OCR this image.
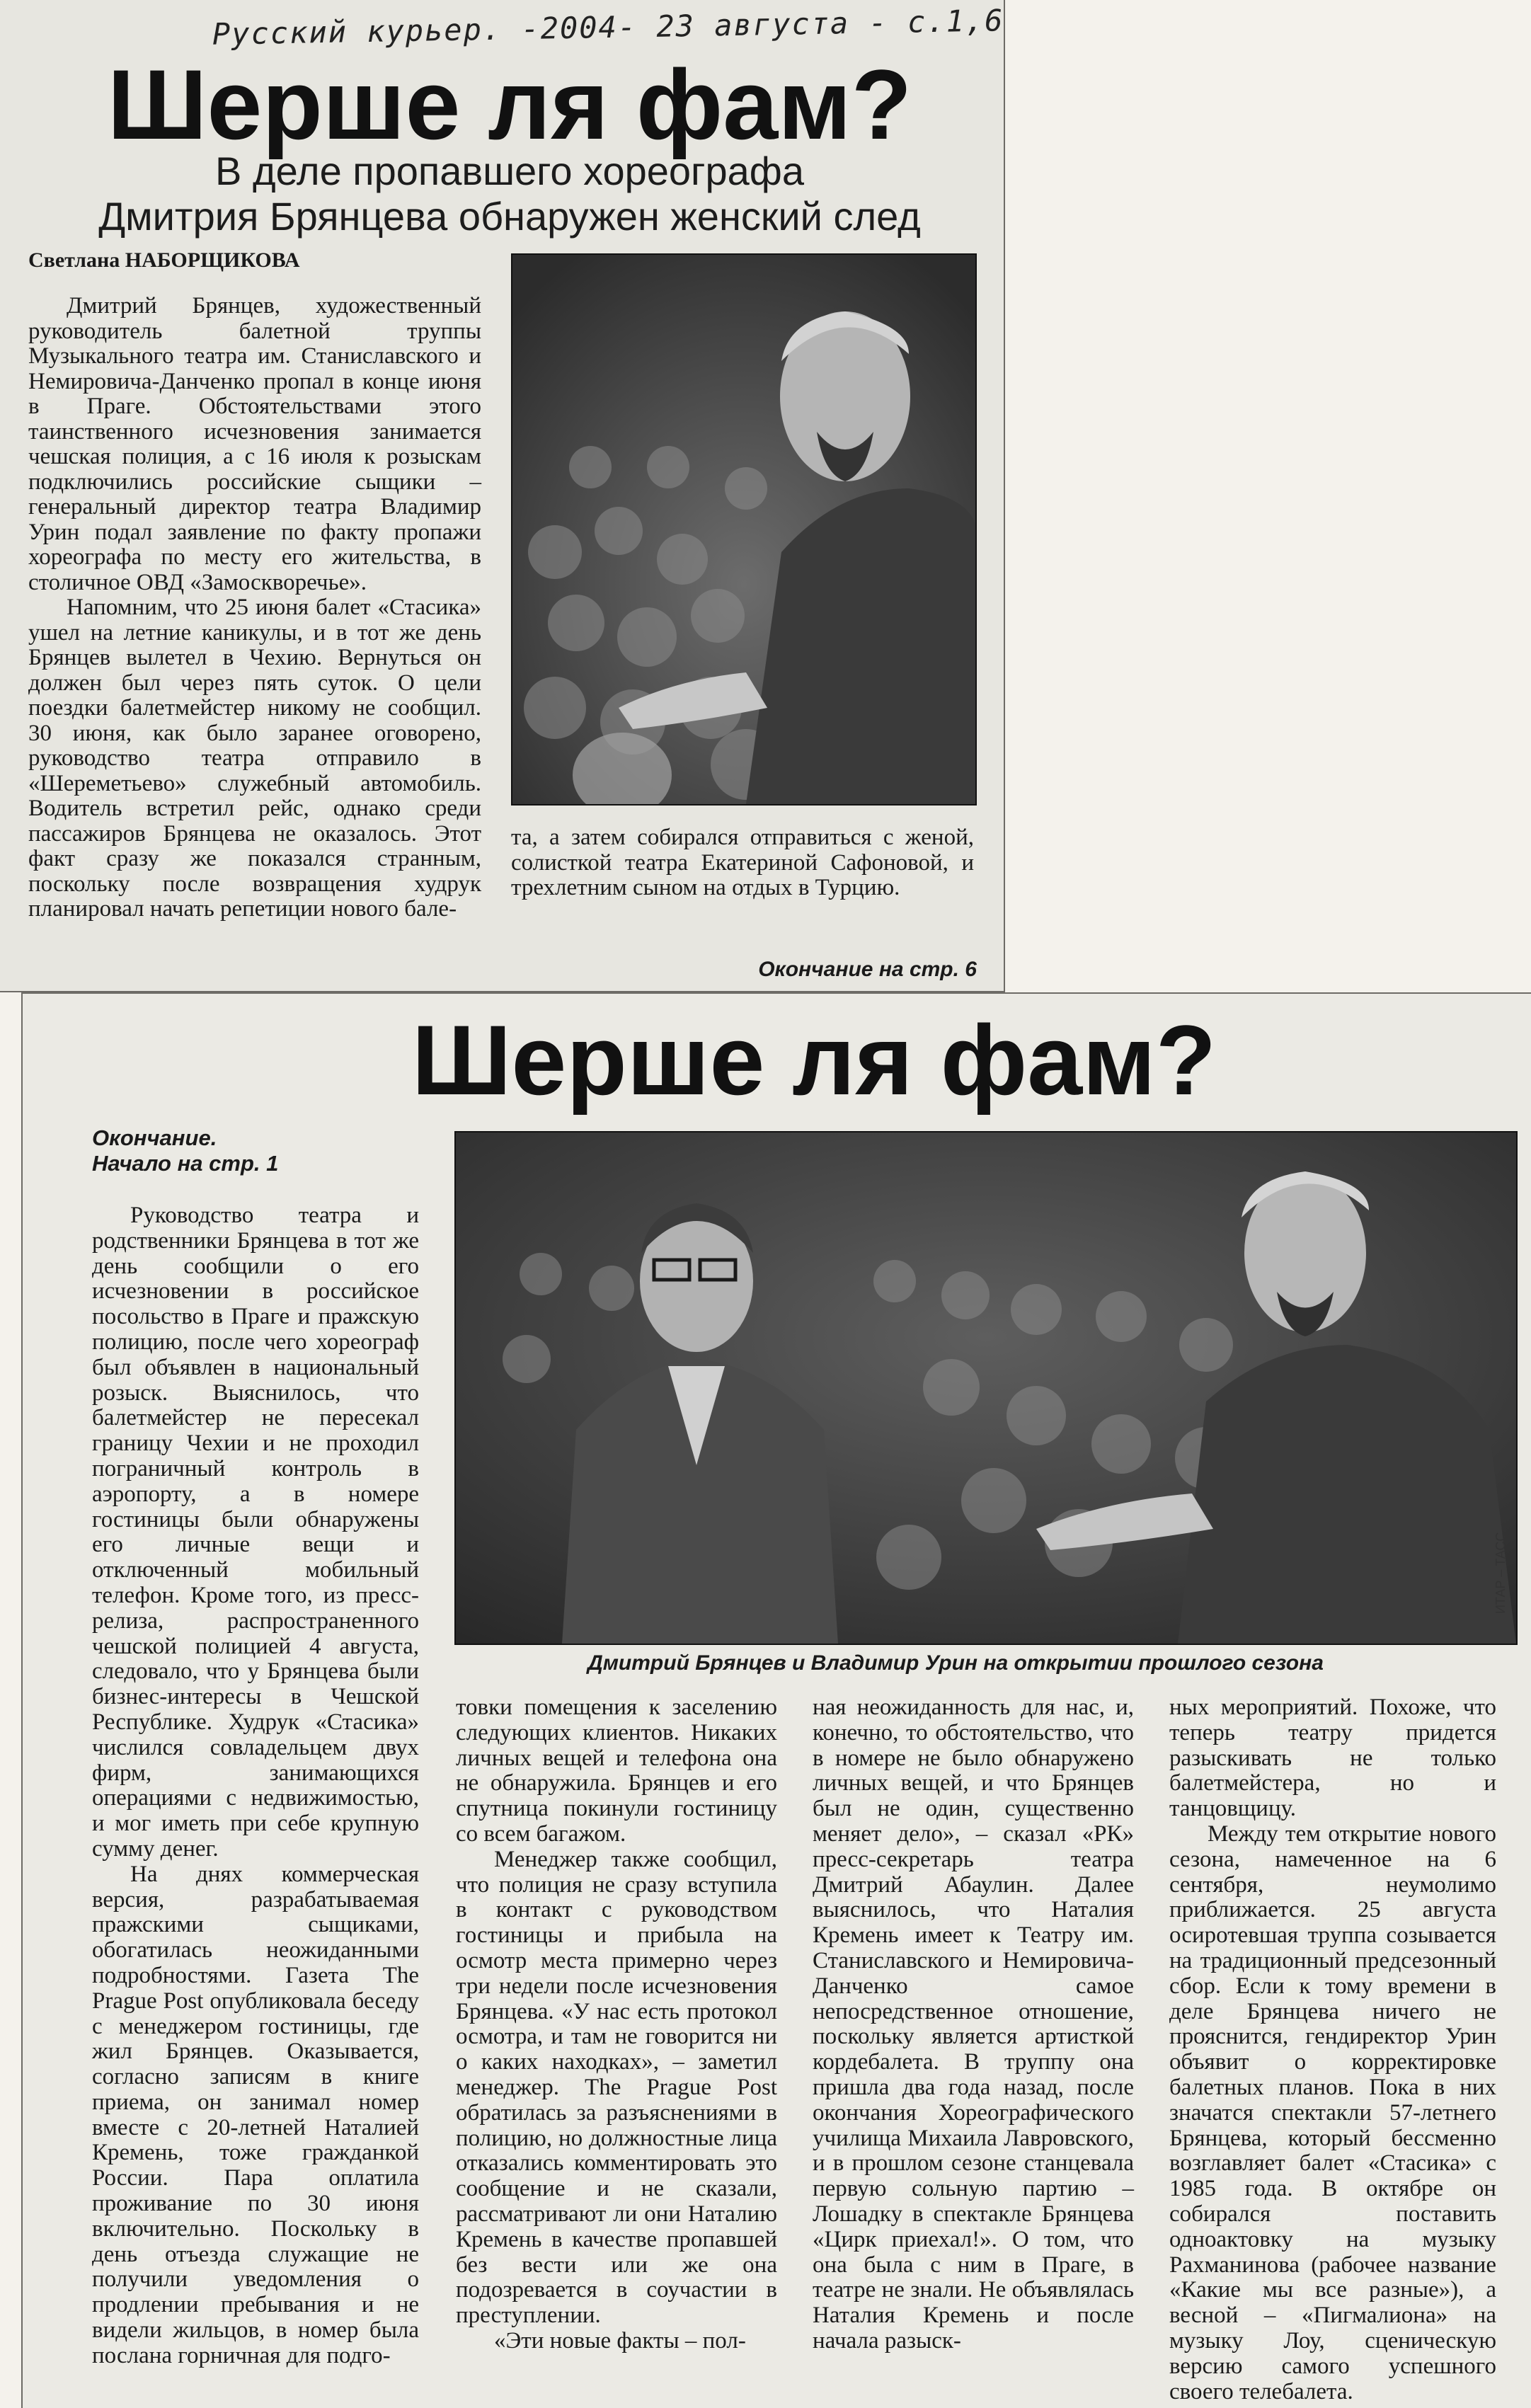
Русский курьер. -2004- 23 августа - с.1,6
Шерше ля фам?
В деле пропавшего хореографа
Дмитрия Брянцева обнаружен женский след
Светлана НАБОРЩИКОВА

Дмитрий Брянцев, художественный руководитель балетной труппы Музыкального театра им. Станиславского и Немировича-Данченко пропал в конце июня в Праге. Обстоятельствами этого таинственного исчезновения занимается чешская полиция, а с 16 июля к розыскам подключились российские сыщики – генеральный директор театра Владимир Урин подал заявление по факту пропажи хореографа по месту его жительства, в столичное ОВД «Замоскворечье».

Напомним, что 25 июня балет «Стасика» ушел на летние каникулы, и в тот же день Брянцев вылетел в Чехию. Вернуться он должен был через пять суток. О цели поездки балетмейстер никому не сообщил. 30 июня, как было заранее оговорено, руководство театра отправило в «Шереметьево» служебный автомобиль. Водитель встретил рейс, однако среди пассажиров Брянцева не оказалось. Этот факт сразу же показался странным, поскольку после возвращения худрук планировал начать репетиции нового бале-

та, а затем собирался отправиться с женой, солисткой театра Екатериной Сафоновой, и трехлетним сыном на отдых в Турцию.

Окончание на стр. 6
Шерше ля фам?
Окончание.
Начало на стр. 1
ИТАР – ТАСС
Дмитрий Брянцев и Владимир Урин на открытии прошлого сезона

Руководство театра и родственники Брянцева в тот же день сообщили о его исчезновении в российское посольство в Праге и пражскую полицию, после чего хореограф был объявлен в национальный розыск. Выяснилось, что балетмейстер не пересекал границу Чехии и не проходил пограничный контроль в аэропорту, а в номере гостиницы были обнаружены его личные вещи и отключенный мобильный телефон. Кроме того, из пресс-релиза, распространенного чешской полицией 4 августа, следовало, что у Брянцева были бизнес-интересы в Чешской Республике. Худрук «Стасика» числился совладельцем двух фирм, занимающихся операциями с недвижимостью, и мог иметь при себе крупную сумму денег.

На днях коммерческая версия, разрабатываемая пражскими сыщиками, обогатилась неожиданными подробностями. Газета The Prague Post опубликовала беседу с менеджером гостиницы, где жил Брянцев. Оказывается, согласно записям в книге приема, он занимал номер вместе с 20-летней Наталией Кремень, тоже гражданкой России. Пара оплатила проживание по 30 июня включительно. Поскольку в день отъезда служащие не получили уведомления о продлении пребывания и не видели жильцов, в номер была послана горничная для подго-

товки помещения к заселению следующих клиентов. Никаких личных вещей и телефона она не обнаружила. Брянцев и его спутница покинули гостиницу со всем багажом.

Менеджер также сообщил, что полиция не сразу вступила в контакт с руководством гостиницы и прибыла на осмотр места примерно через три недели после исчезновения Брянцева. «У нас есть протокол осмотра, и там не говорится ни о каких находках», – заметил менеджер. The Prague Post обратилась за разъяснениями в полицию, но должностные лица отказались комментировать это сообщение и не сказали, рассматривают ли они Наталию Кремень в качестве пропавшей без вести или же она подозревается в соучастии в преступлении.

«Эти новые факты – пол-

ная неожиданность для нас, и, конечно, то обстоятельство, что в номере не было обнаружено личных вещей, и что Брянцев был не один, существенно меняет дело», – сказал «РК» пресс-секретарь театра Дмитрий Абаулин. Далее выяснилось, что Наталия Кремень имеет к Театру им. Станиславского и Немировича-Данченко самое непосредственное отношение, поскольку является артисткой кордебалета. В труппу она пришла два года назад, после окончания Хореографического училища Михаила Лавровского, и в прошлом сезоне станцевала первую сольную партию – Лошадку в спектакле Брянцева «Цирк приехал!». О том, что она была с ним в Праге, в театре не знали. Не объявлялась Наталия Кремень и после начала разыск-

ных мероприятий. Похоже, что теперь театру придется разыскивать не только балетмейстера, но и танцовщицу.

Между тем открытие нового сезона, намеченное на 6 сентября, неумолимо приближается. 25 августа осиротевшая труппа созывается на традиционный предсезонный сбор. Если к тому времени в деле Брянцева ничего не прояснится, гендиректор Урин объявит о корректировке балетных планов. Пока в них значатся спектакли 57-летнего Брянцева, который бессменно возглавляет балет «Стасика» с 1985 года. В октябре он собирался поставить одноактовку на музыку Рахманинова (рабочее название «Какие мы все разные»), а весной – «Пигмалиона» на музыку Лоу, сценическую версию самого успешного своего телебалета.
